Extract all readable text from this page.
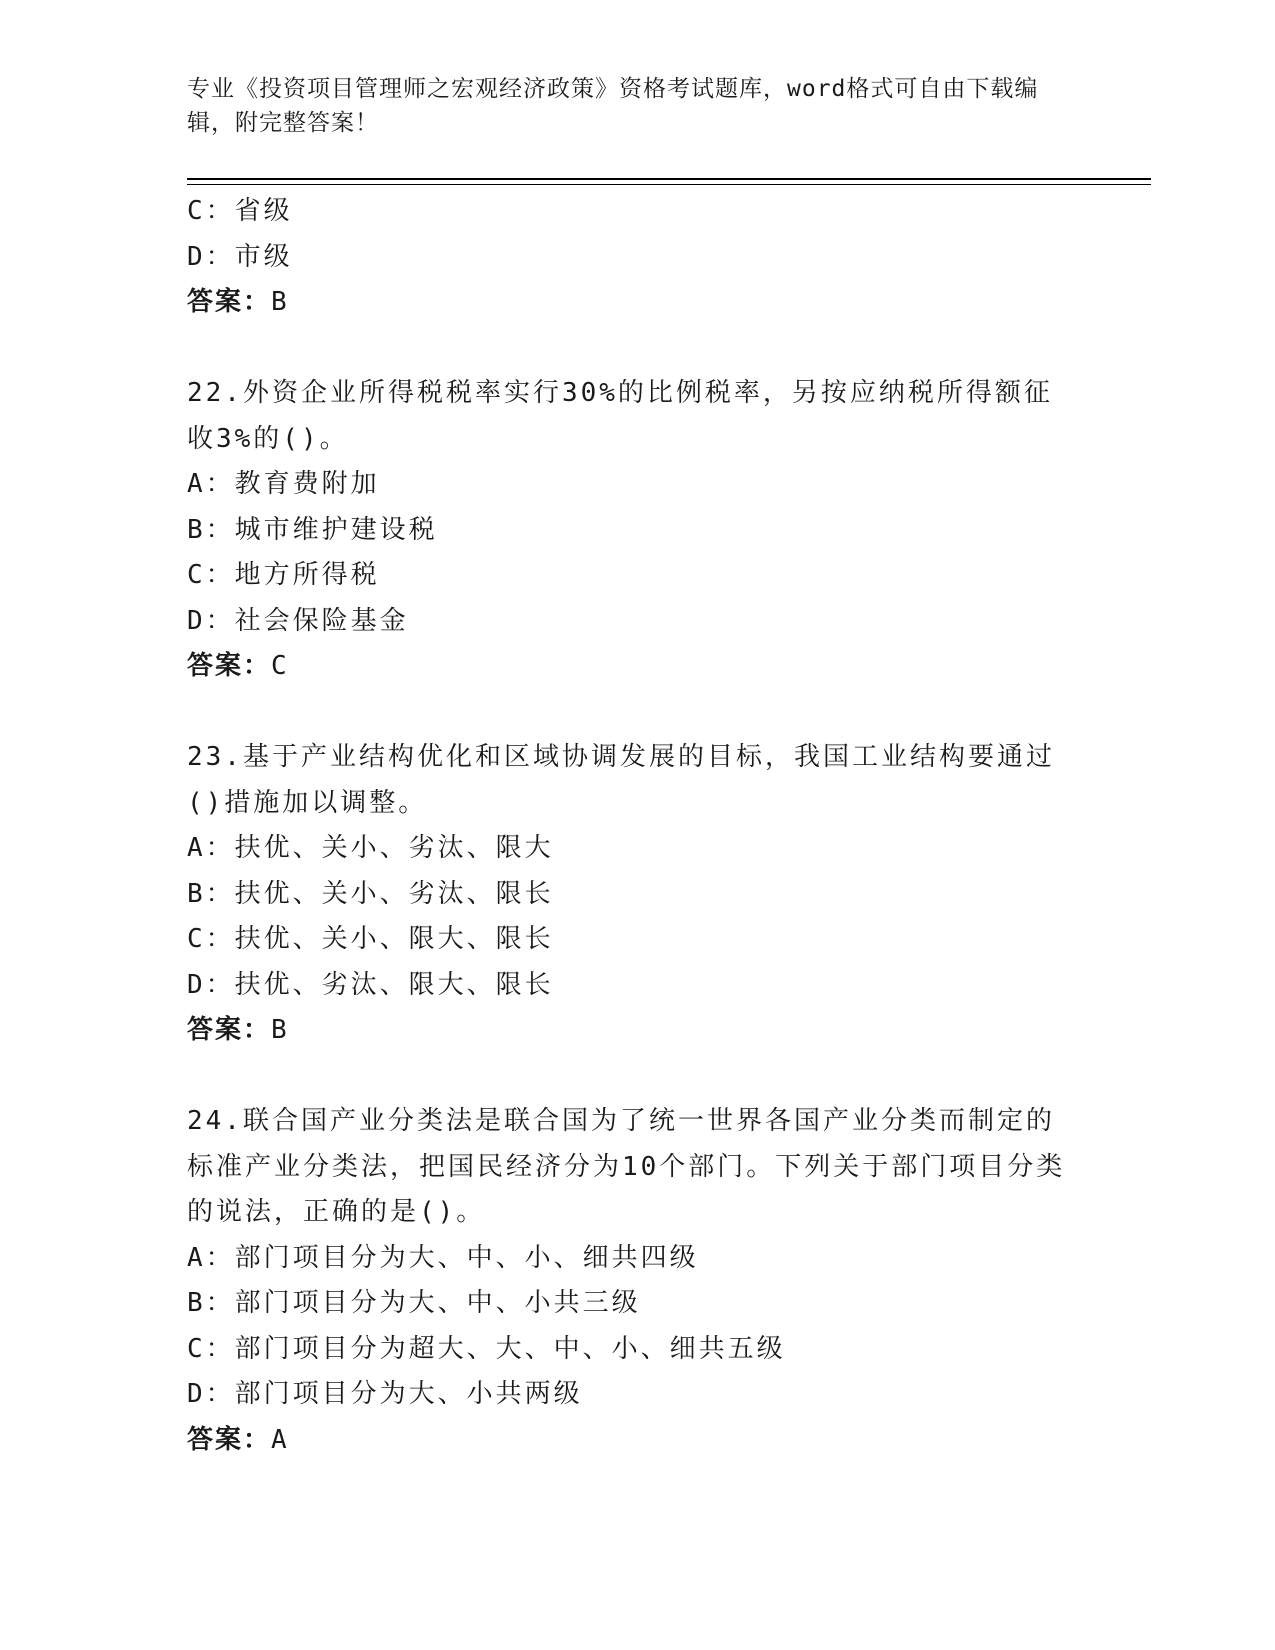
专业《投资项目管理师之宏观经济政策》资格考试题库，word格式可自由下载编辑，附完整答案！
C：省级
D：市级
答案：B
22.外资企业所得税税率实行30%的比例税率，另按应纳税所得额征收3%的()。
A：教育费附加
B：城市维护建设税
C：地方所得税
D：社会保险基金
答案：C
23.基于产业结构优化和区域协调发展的目标，我国工业结构要通过()措施加以调整。
A：扶优、关小、劣汰、限大
B：扶优、关小、劣汰、限长
C：扶优、关小、限大、限长
D：扶优、劣汰、限大、限长
答案：B
24.联合国产业分类法是联合国为了统一世界各国产业分类而制定的标准产业分类法，把国民经济分为10个部门。下列关于部门项目分类的说法，正确的是()。
A：部门项目分为大、中、小、细共四级
B：部门项目分为大、中、小共三级
C：部门项目分为超大、大、中、小、细共五级
D：部门项目分为大、小共两级
答案：A
